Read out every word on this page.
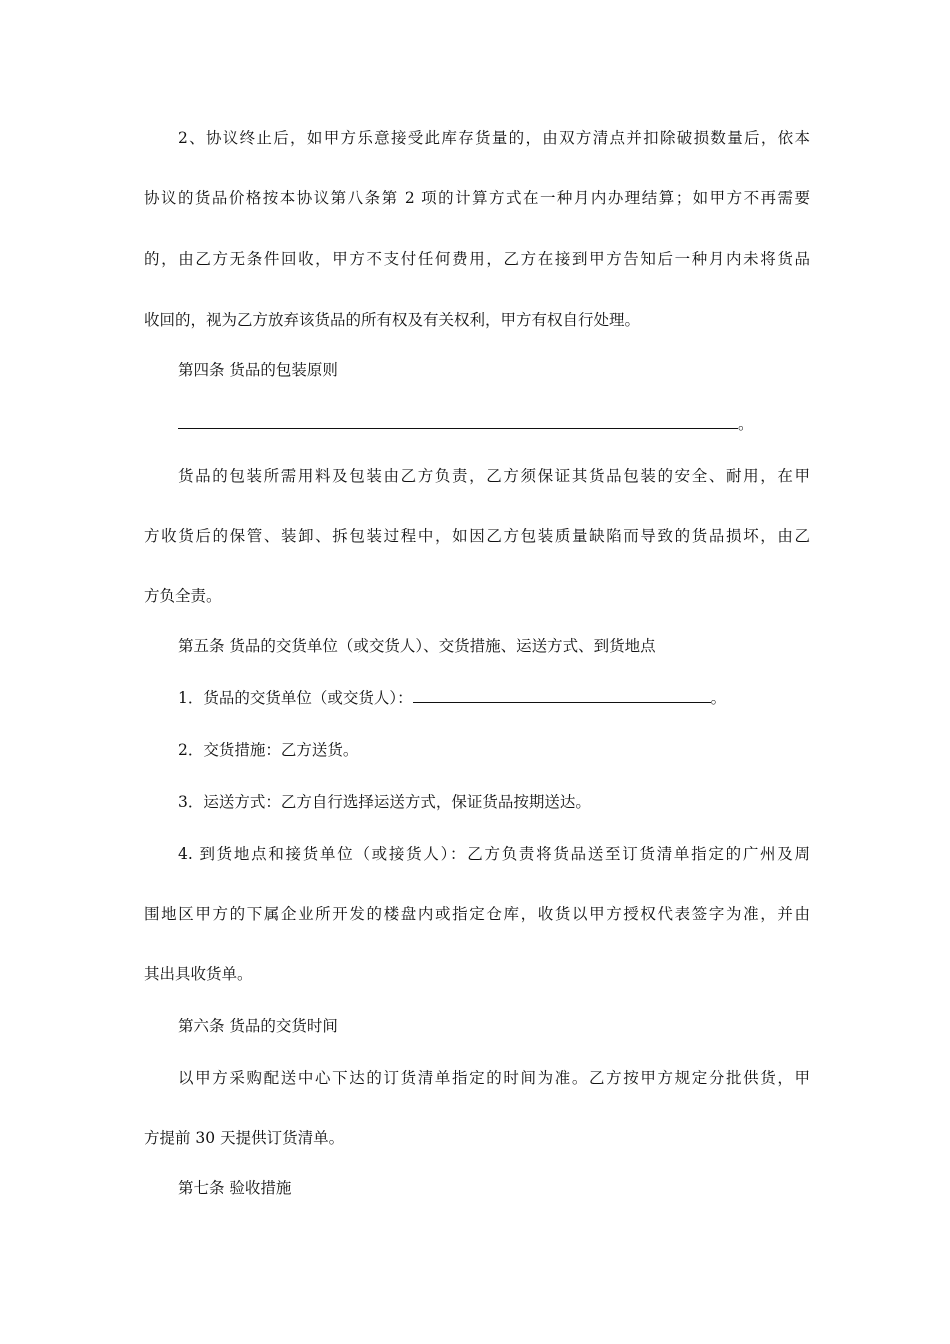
2、协议终止后，如甲方乐意接受此库存货量的，由双方清点并扣除破损数量后，依本
协议的货品价格按本协议第八条第 2 项的计算方式在一种月内办理结算；如甲方不再需要
的，由乙方无条件回收，甲方不支付任何费用，乙方在接到甲方告知后一种月内未将货品
收回的，视为乙方放弃该货品的所有权及有关权利，甲方有权自行处理。
第四条 货品的包装原则
。
货品的包装所需用料及包装由乙方负责，乙方须保证其货品包装的安全、耐用，在甲
方收货后的保管、装卸、拆包装过程中，如因乙方包装质量缺陷而导致的货品损坏，由乙
方负全责。
第五条 货品的交货单位（或交货人）、交货措施、运送方式、到货地点
1．货品的交货单位（或交货人）：	。
2．交货措施：乙方送货。
3．运送方式：乙方自行选择运送方式，保证货品按期送达。
4. 到货地点和接货单位（或接货人）：乙方负责将货品送至订货清单指定的广州及周
围地区甲方的下属企业所开发的楼盘内或指定仓库，收货以甲方授权代表签字为准，并由
其出具收货单。
第六条 货品的交货时间
以甲方采购配送中心下达的订货清单指定的时间为准。乙方按甲方规定分批供货，甲
方提前 30 天提供订货清单。
第七条 验收措施
